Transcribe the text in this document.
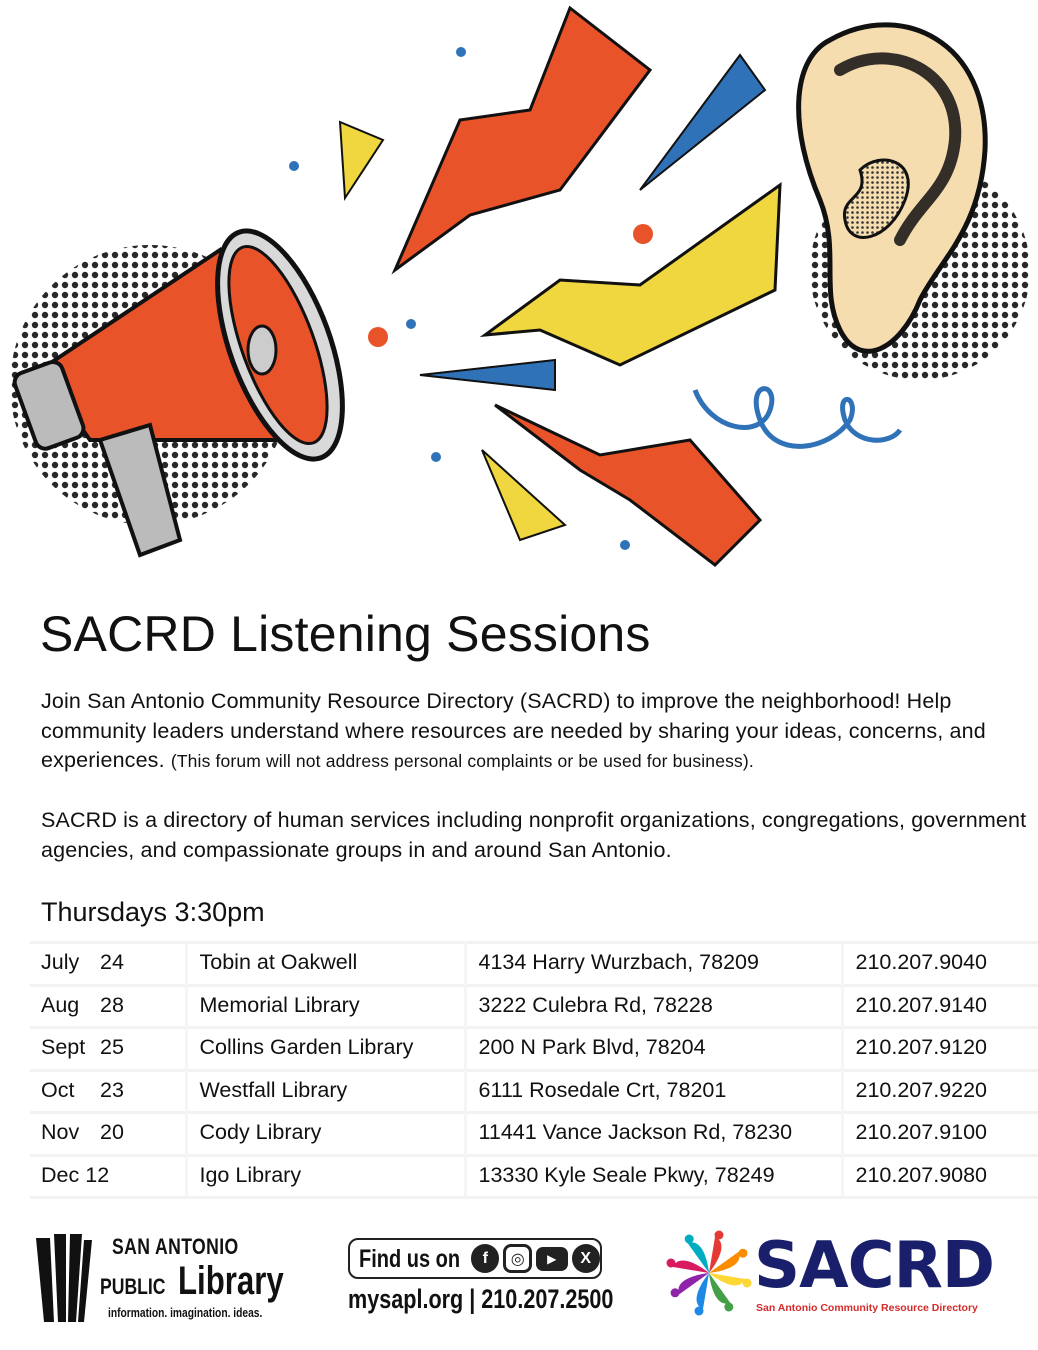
SACRD Listening Sessions
Join San Antonio Community Resource Directory (SACRD) to improve the neighborhood! Help community leaders understand where resources are needed by sharing your ideas, concerns, and experiences. (This forum will not address personal complaints or be used for business).
SACRD is a directory of human services including nonprofit organizations, congregations, government agencies, and compassionate groups in and around San Antonio.
Thursdays 3:30pm
July 24	Tobin at Oakwell	4134 Harry Wurzbach, 78209	210.207.9040
Aug 28	Memorial Library	3222 Culebra Rd, 78228	210.207.9140
Sept 25	Collins Garden Library	200 N Park Blvd, 78204	210.207.9120
Oct 23	Westfall Library	6111 Rosedale Crt, 78201	210.207.9220
Nov 20	Cody Library	11441 Vance Jackson Rd, 78230	210.207.9100
Dec 12	Igo Library	13330 Kyle Seale Pkwy, 78249	210.207.9080
SAN ANTONIO
PUBLIC Library
information. imagination. ideas.
Find us on	f	◎	▶	X
mysapl.org | 210.207.2500 SACRD
San Antonio Community Resource Directory
